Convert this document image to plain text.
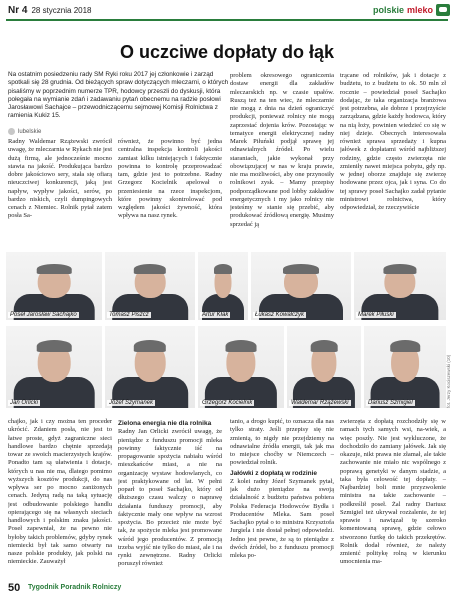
Nr 4 28 stycznia 2018	polskie mleko
O uczciwe dopłaty do łąk
Na ostatnim posiedzeniu rady SM Ryki roku 2017 jej członkowie i zarząd spotkali się 28 grudnia. Od bieżących spraw dotyczących mleczarni, o których pisaliśmy w poprzednim numerze TPR, hodowcy przeszli do dyskusji, która połegała na wymianie zdań i zadawaniu pytań obecnemu na radzie posłowi Jarosławowi Sachajce – przewodniczącemu sejmowej Komisji Rolnictwa z ramienia Kukiz 15.
lubelskie

Radny Waldemar Rzążewski zwrócił uwagę, że mleczarnia w Rykach nie jest dużą firmą, ale jednocześnie mocno stawia na jakość. Produkująca bardzo dobre jakościowo sery, stała się ofiarą nieuczciwej konkurencji, jaką jest napływ, wypływ jakości, serów, po bardzo niskich, czyli dumpingowych cenach z Niemiec. Rolnik pytał zatem posła Sa-

również, że powinno być jedna centralna inspekcja kontroli jakości zamiast kilku istniejących i faktycznie powinna to kontrolę przeprowadzać tam, gdzie jest to potrzebne. Radny Grzegorz Kocielnik apelował o przeniesienie na rzece inspekcjom, które powinny skontrolować pod względem jakości żywność, która wpływa na nasz rynek.

problem okresowego ograniczenia dostaw energii dla zakładów mleczarskich np. w czasie upałów. Ruszą też na ten wiec, że mleczarnie nie mogą z dnia na dzień ograniczyć produkcji, ponieważ rolnicy nie mogą zaprzestać dojenia krów. Pozostając w tematyce energii elektrycznej radny Marek Piłuński podjął sprawę jej odnawialnych źródeł. Po wielu staraniach, jakie wykonał przy obowiązującej w nas w kraju prawie, nie ma możliwości, aby one przynosiły rolnikowi zysk. – Mamy przepisy podporządkowane pod lobby zakładów energetycznych i my jako rolnicy nie jesteśmy w stanie się przebić, aby produkować źródłową energię. Musimy sprzedać ją

trącane od rolników, jak i dotacje z budżetu, to z budżetu to ok. 50 mln zł rocznie – powiedział poseł Sachajko dodając, że taka organizacja branżowa jest potrzebna, ale dobrze i przejrzyście zarządzana, gdzie każdy hodowca, który na nią łoży, powinien wiedzieć co się w niej dzieje. Obecnych interesowała również sprawa sprzedaży i kupna jałówek z dopłatami wśród najbliższej rodziny, gdzie często zwierzęta nie zmieniły nawet miejsca pobytu, gdy np. w jednej oborze znajduje się zwierzę hodowane przez ojca, jak i syna. Co do tej sprawy poseł Sachajko zadał pytanie ministrowi rolnictwa, który odpowiedział, że rzeczywiście

Poseł Jarosław Sachajko	Tomasz Piszcz	Artur Kłak	Łukasz Kowalczyk	Marek Piłuski
Jan Orlicki	Józef Szymanek	Grzegorz Kocielnik	Waldemar Rzążewski	Dariusz Szmigiel	fot. Jerzy Kociszewski (10)

chajko, jak i czy można ten proceder ukrócić. Zdaniem posła, nie jest to łatwe proste, gdyż zagraniczne sieci handlowe bardzo chętnie sprzedają towar ze swoich macierzystych krajów. Ponadto tam są ułatwienia i dotacje, których u nas nie ma, dlatego pomimo wyższych kosztów produkcji, do nas wpływa ser po mocno zaniżonych cenach. Jedyną radą na taką sytuację jest odbudowanie polskiego handlu opierającego się na własnych sieciach handlowych i polskim znaku jakości. Poseł zapewniał, że na pewno nie byłoby takich problemów, gdyby rynek niemiecki był tak samo otwarty na nasze polskie produkty, jak polski na niemieckie. Zauważył

Zielona energia nie dla rolnika

Radny Jan Orlicki zwrócił uwagę, że pieniądze z funduszu promocji mleka powinny faktycznie iść na propagowanie spożycia nabiału wśród mieszkańców miast, a nie na organizację wystaw hodowlanych, co jest praktykowane od lat. W pełni poparł to poseł Sachajko, który od dłuższego czasu walczy o naprawę działania funduszy promocji, aby faktycznie mały one wpływ na wzrost spożycia. Bo przecież nie może być tak, że spożycie mleka jest promowane wśród jego producentów. Z promocją trzeba wyjść nie tylko do miast, ale i na rynki zewnętrzne. Radny Orlicki poruszył również

tanio, a drogo kupić, to oznacza dla nas tylko straty. Jeśli przepisy się nie zmienią, to nigdy nie przejdziemy na odnawialne źródła energii, tak jak ma to miejsce choćby w Niemczech – powiedział rolnik.

Jałówki z dopłatą w rodzinie

Z kolei radny Józef Szymanek pytał, jak dużo pieniądze na swoją działalność z budżetu państwa pobiera Polska Federacja Hodowców Bydła i Producentów Mleka. Sam poseł Sachajko pytał o to ministra Krzysztofa Jurgiela i nie dostał pełnej odpowiedzi. Jedno jest pewne, że są to pieniądze z dwóch źródeł, bo z funduszu promocji mleka po-

zwierzęta z dopłatą rozchodziły się w ramach tych samych wsi, na-wiek, a więc poszły. Nie jest wykluczone, że dochodziło do zamiany jałówek. Jak się okazuje, nikt prawa nie złamał, ale takie zachowanie nie miało nic wspólnego z poprawą genetyki w danym stadzie, a taka była celowość tej dopłaty. – Najbardziej boli mnie przyzwolenie ministra na takie zachowanie – podkreślił poseł. Żal radny Dariusz Szmigiel też ukrywał rozżalenie, że tej sprawie i nawiązał tę szeroko komentowaną sprawę, gdzie cełowo stworzono furtkę do takich przekrętów. Rolnik dodał również, że należy zmienić politykę rolną w kierunku umocnienia ma-

50 Tygodnik Poradnik Rolniczy
